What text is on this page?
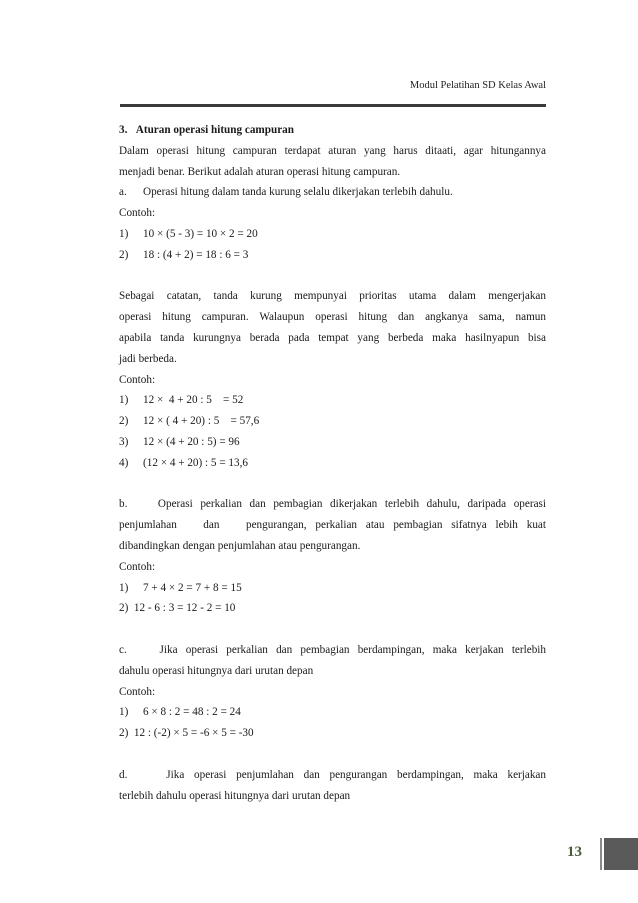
Modul Pelatihan SD Kelas Awal
3.   Aturan operasi hitung campuran
Dalam operasi hitung campuran terdapat aturan yang harus ditaati, agar hitungannya
menjadi benar. Berikut adalah aturan operasi hitung campuran.
a. Operasi hitung dalam tanda kurung selalu dikerjakan terlebih dahulu.
Contoh:
1) 10 × (5 - 3) = 10 × 2 = 20
2) 18 : (4 + 2) = 18 : 6 = 3
Sebagai catatan, tanda kurung mempunyai prioritas utama dalam mengerjakan
operasi hitung campuran. Walaupun operasi hitung dan angkanya sama, namun
apabila tanda kurungnya berada pada tempat yang berbeda maka hasilnyapun bisa
jadi berbeda.
Contoh:
1) 12 ×  4 + 20 : 5    = 52
2) 12 × ( 4 + 20) : 5    = 57,6
3) 12 × (4 + 20 : 5) = 96
4) (12 × 4 + 20) : 5 = 13,6
b.    Operasi perkalian dan pembagian dikerjakan terlebih dahulu, daripada operasi
penjumlahan   dan   pengurangan, perkalian atau pembagian sifatnya lebih kuat
dibandingkan dengan penjumlahan atau pengurangan.
Contoh:
1) 7 + 4 × 2 = 7 + 8 = 15
2)  12 - 6 : 3 = 12 - 2 = 10
c.    Jika operasi perkalian dan pembagian berdampingan, maka kerjakan terlebih
dahulu operasi hitungnya dari urutan depan
Contoh:
1) 6 × 8 : 2 = 48 : 2 = 24
2)  12 : (-2) × 5 = -6 × 5 = -30
d.    Jika operasi penjumlahan dan pengurangan berdampingan, maka kerjakan
terlebih dahulu operasi hitungnya dari urutan depan
13
